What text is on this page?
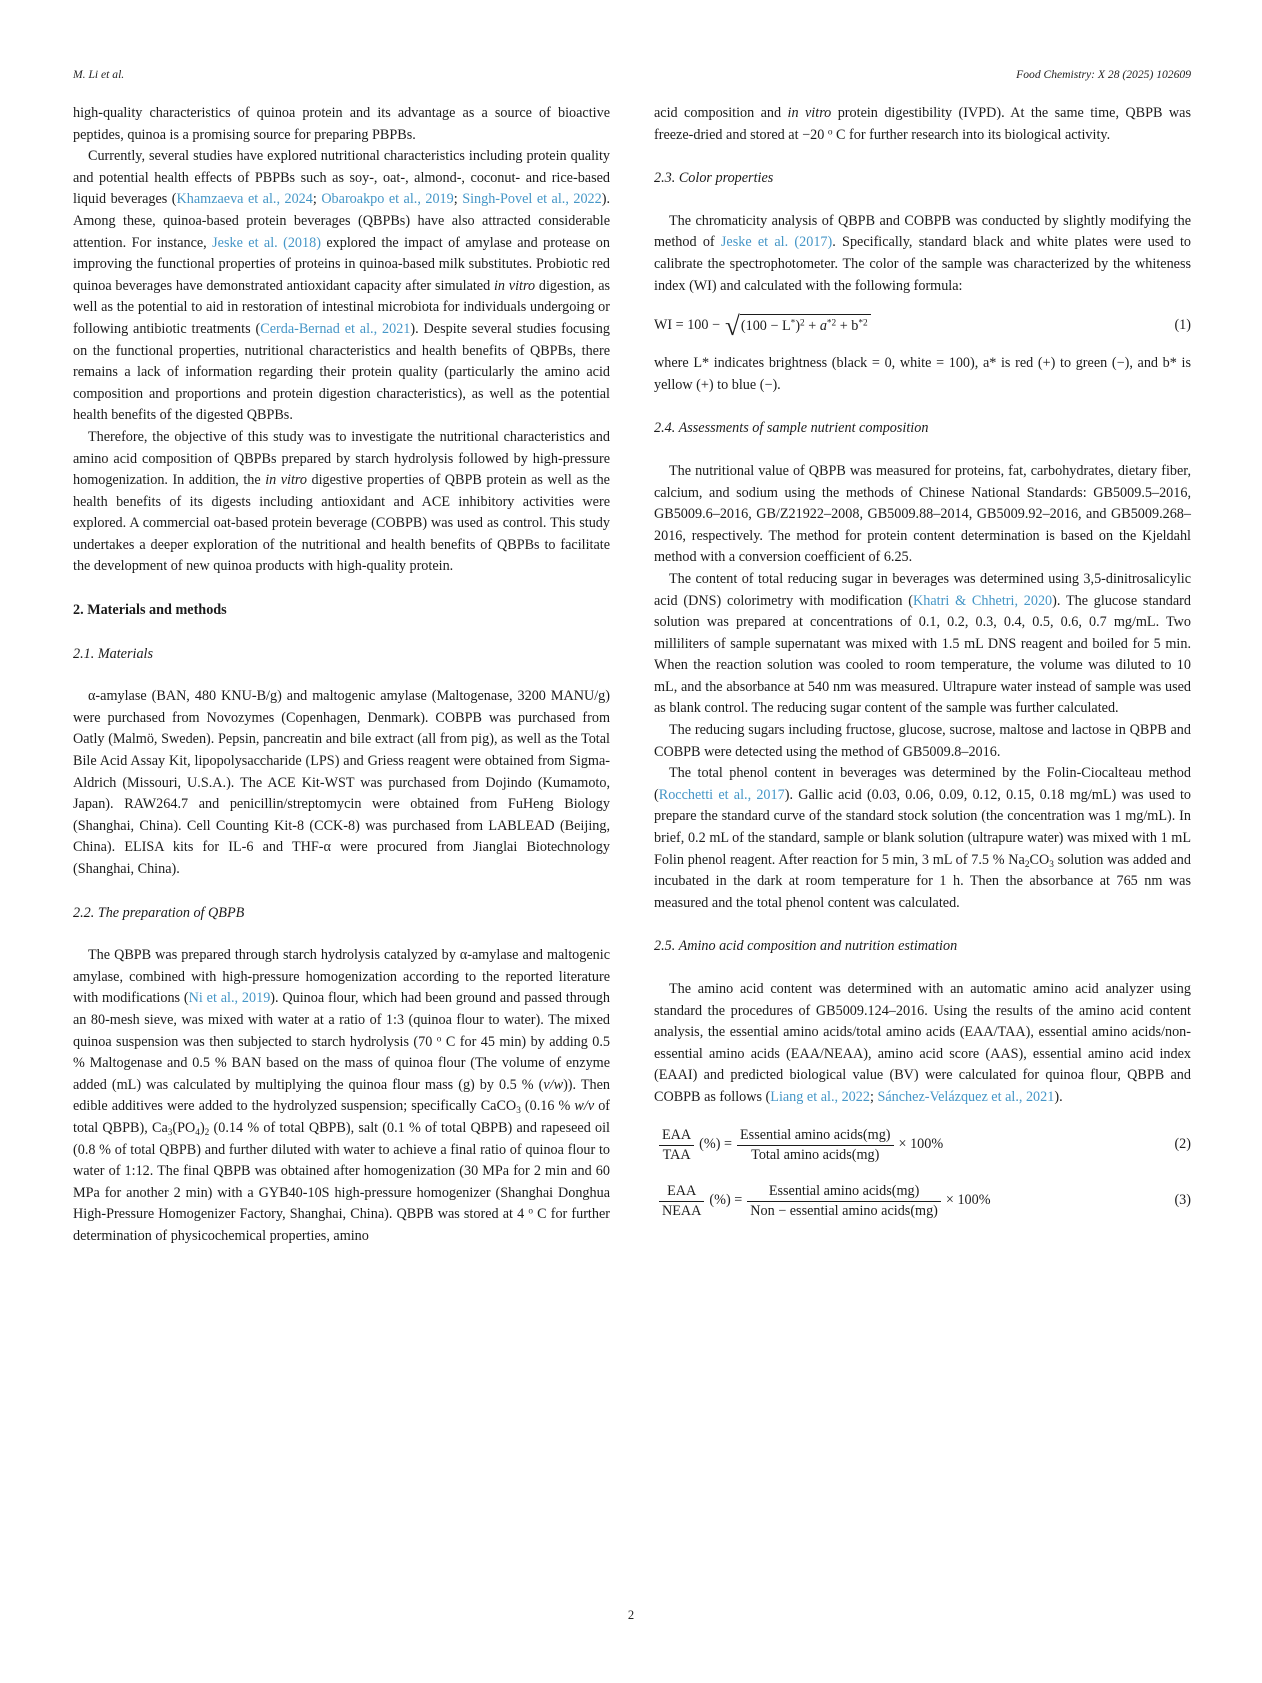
M. Li et al.	Food Chemistry: X 28 (2025) 102609

high-quality characteristics of quinoa protein and its advantage as a source of bioactive peptides, quinoa is a promising source for preparing PBPBs.

Currently, several studies have explored nutritional characteristics including protein quality and potential health effects of PBPBs such as soy-, oat-, almond-, coconut- and rice-based liquid beverages (Khamzaeva et al., 2024; Obaroakpo et al., 2019; Singh-Povel et al., 2022). Among these, quinoa-based protein beverages (QBPBs) have also attracted considerable attention. For instance, Jeske et al. (2018) explored the impact of amylase and protease on improving the functional properties of proteins in quinoa-based milk substitutes. Probiotic red quinoa beverages have demonstrated antioxidant capacity after simulated in vitro digestion, as well as the potential to aid in restoration of intestinal microbiota for individuals undergoing or following antibiotic treatments (Cerda-Bernad et al., 2021). Despite several studies focusing on the functional properties, nutritional characteristics and health benefits of QBPBs, there remains a lack of information regarding their protein quality (particularly the amino acid composition and proportions and protein digestion characteristics), as well as the potential health benefits of the digested QBPBs.

Therefore, the objective of this study was to investigate the nutritional characteristics and amino acid composition of QBPBs prepared by starch hydrolysis followed by high-pressure homogenization. In addition, the in vitro digestive properties of QBPB protein as well as the health benefits of its digests including antioxidant and ACE inhibitory activities were explored. A commercial oat-based protein beverage (COBPB) was used as control. This study undertakes a deeper exploration of the nutritional and health benefits of QBPBs to facilitate the development of new quinoa products with high-quality protein.

2. Materials and methods
2.1. Materials

α-amylase (BAN, 480 KNU-B/g) and maltogenic amylase (Maltogenase, 3200 MANU/g) were purchased from Novozymes (Copenhagen, Denmark). COBPB was purchased from Oatly (Malmö, Sweden). Pepsin, pancreatin and bile extract (all from pig), as well as the Total Bile Acid Assay Kit, lipopolysaccharide (LPS) and Griess reagent were obtained from Sigma-Aldrich (Missouri, U.S.A.). The ACE Kit-WST was purchased from Dojindo (Kumamoto, Japan). RAW264.7 and penicillin/streptomycin were obtained from FuHeng Biology (Shanghai, China). Cell Counting Kit-8 (CCK-8) was purchased from LABLEAD (Beijing, China). ELISA kits for IL-6 and THF-α were procured from Jianglai Biotechnology (Shanghai, China).

2.2. The preparation of QBPB

The QBPB was prepared through starch hydrolysis catalyzed by α-amylase and maltogenic amylase, combined with high-pressure homogenization according to the reported literature with modifications (Ni et al., 2019). Quinoa flour, which had been ground and passed through an 80-mesh sieve, was mixed with water at a ratio of 1:3 (quinoa flour to water). The mixed quinoa suspension was then subjected to starch hydrolysis (70 $^o$ C for 45 min) by adding 0.5 % Maltogenase and 0.5 % BAN based on the mass of quinoa flour (The volume of enzyme added (mL) was calculated by multiplying the quinoa flour mass (g) by 0.5 % (v/w)). Then edible additives were added to the hydrolyzed suspension; specifically CaCO$_3$ (0.16 % w/v of total QBPB), $Ca_3(PO_4)_2$ (0.14 % of total QBPB), salt (0.1 % of total QBPB) and rapeseed oil (0.8 % of total QBPB) and further diluted with water to achieve a final ratio of quinoa flour to water of 1:12. The final QBPB was obtained after homogenization (30 MPa for 2 min and 60 MPa for another 2 min) with a GYB40-10S high-pressure homogenizer (Shanghai Donghua High-Pressure Homogenizer Factory, Shanghai, China). QBPB was stored at 4 $^o$ C for further determination of physicochemical properties, amino

acid composition and in vitro protein digestibility (IVPD). At the same time, QBPB was freeze-dried and stored at −20 $^o$ C for further research into its biological activity.

2.3. Color properties

The chromaticity analysis of QBPB and COBPB was conducted by slightly modifying the method of Jeske et al. (2017). Specifically, standard black and white plates were used to calibrate the spectrophotometer. The color of the sample was characterized by the whiteness index (WI) and calculated with the following formula:

WI = 100 − √ $(100 - L^*)^2 + a^{*2} + b^{*2}$	(1)

where L* indicates brightness (black = 0, white = 100), a* is red (+) to green (−), and b* is yellow (+) to blue (−).

2.4. Assessments of sample nutrient composition

The nutritional value of QBPB was measured for proteins, fat, carbohydrates, dietary fiber, calcium, and sodium using the methods of Chinese National Standards: GB5009.5–2016, GB5009.6–2016, GB/Z21922–2008, GB5009.88–2014, GB5009.92–2016, and GB5009.268–2016, respectively. The method for protein content determination is based on the Kjeldahl method with a conversion coefficient of 6.25.

The content of total reducing sugar in beverages was determined using 3,5-dinitrosalicylic acid (DNS) colorimetry with modification (Khatri & Chhetri, 2020). The glucose standard solution was prepared at concentrations of 0.1, 0.2, 0.3, 0.4, 0.5, 0.6, 0.7 mg/mL. Two milliliters of sample supernatant was mixed with 1.5 mL DNS reagent and boiled for 5 min. When the reaction solution was cooled to room temperature, the volume was diluted to 10 mL, and the absorbance at 540 nm was measured. Ultrapure water instead of sample was used as blank control. The reducing sugar content of the sample was further calculated.

The reducing sugars including fructose, glucose, sucrose, maltose and lactose in QBPB and COBPB were detected using the method of GB5009.8–2016.

The total phenol content in beverages was determined by the Folin-Ciocalteau method (Rocchetti et al., 2017). Gallic acid (0.03, 0.06, 0.09, 0.12, 0.15, 0.18 mg/mL) was used to prepare the standard curve of the standard stock solution (the concentration was 1 mg/mL). In brief, 0.2 mL of the standard, sample or blank solution (ultrapure water) was mixed with 1 mL Folin phenol reagent. After reaction for 5 min, 3 mL of 7.5 % $Na_2CO_3$ solution was added and incubated in the dark at room temperature for 1 h. Then the absorbance at 765 nm was measured and the total phenol content was calculated.

2.5. Amino acid composition and nutrition estimation

The amino acid content was determined with an automatic amino acid analyzer using standard the procedures of GB5009.124–2016. Using the results of the amino acid content analysis, the essential amino acids/total amino acids (EAA/TAA), essential amino acids/non-essential amino acids (EAA/NEAA), amino acid score (AAS), essential amino acid index (EAAI) and predicted biological value (BV) were calculated for quinoa flour, QBPB and COBPB as follows (Liang et al., 2022; Sánchez-Velázquez et al., 2021).

$\frac{\text{EAA}}{\text{TAA}}$ (%) = $\frac{\text{Essential amino acids(mg)}}{\text{Total amino acids(mg)}} \times 100\%$	(2)
$\frac{\text{EAA}}{\text{NEAA}}$ (%) = $\frac{\text{Essential amino acids(mg)}}{\text{Non − essential amino acids(mg)}} \times 100\%$	(3)
2
